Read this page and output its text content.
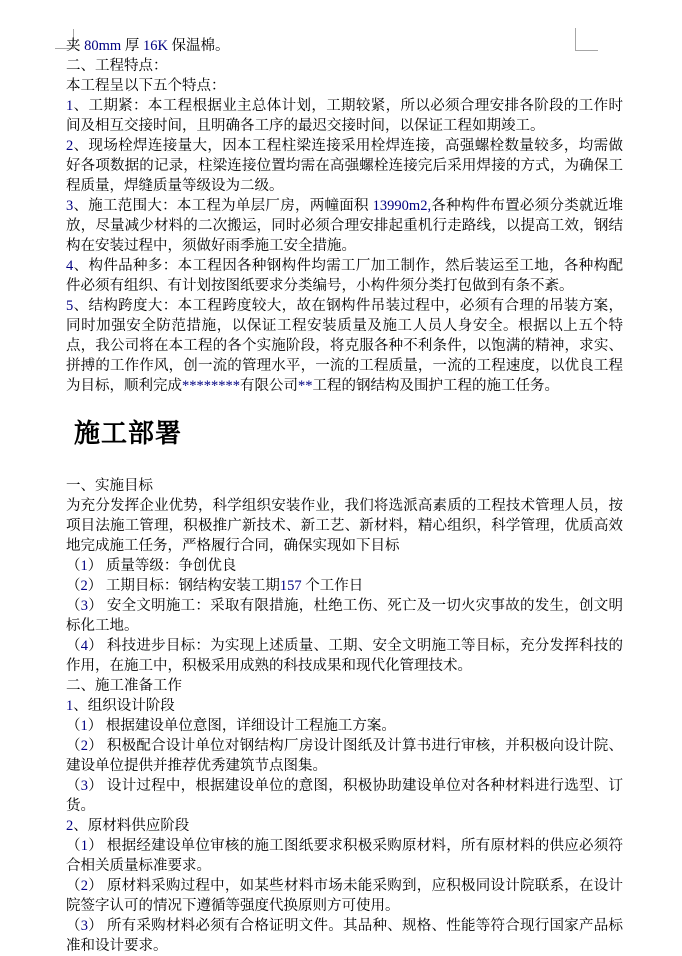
夹 80mm 厚 16K 保温棉。

二、工程特点：

本工程呈以下五个特点：

1、工期紧：本工程根据业主总体计划，工期较紧，所以必须合理安排各阶段的工作时间及相互交接时间，且明确各工序的最迟交接时间，以保证工程如期竣工。

2、现场栓焊连接量大，因本工程柱梁连接采用栓焊连接，高强螺栓数量较多，均需做好各项数据的记录，柱梁连接位置均需在高强螺栓连接完后采用焊接的方式，为确保工程质量，焊缝质量等级设为二级。

3、施工范围大：本工程为单层厂房，两幢面积 13990m2,各种构件布置必须分类就近堆放，尽量减少材料的二次搬运，同时必须合理安排起重机行走路线，以提高工效，钢结构在安装过程中，须做好雨季施工安全措施。

4、构件品种多：本工程因各种钢构件均需工厂加工制作，然后装运至工地，各种构配件必须有组织、有计划按图纸要求分类编号，小构件须分类打包做到有条不紊。

5、结构跨度大：本工程跨度较大，故在钢构件吊装过程中，必须有合理的吊装方案，同时加强安全防范措施，以保证工程安装质量及施工人员人身安全。根据以上五个特点，我公司将在本工程的各个实施阶段，将克服各种不利条件，以饱满的精神，求实、拼搏的工作作风，创一流的管理水平，一流的工程质量，一流的工程速度，以优良工程为目标，顺利完成********有限公司**工程的钢结构及围护工程的施工任务。

施工部署

一、实施目标

为充分发挥企业优势，科学组织安装作业，我们将选派高素质的工程技术管理人员，按项目法施工管理，积极推广新技术、新工艺、新材料，精心组织，科学管理，优质高效地完成施工任务，严格履行合同，确保实现如下目标

（1） 质量等级：争创优良

（2） 工期目标：钢结构安装工期157 个工作日

（3） 安全文明施工：采取有限措施，杜绝工伤、死亡及一切火灾事故的发生，创文明标化工地。

（4） 科技进步目标：为实现上述质量、工期、安全文明施工等目标，充分发挥科技的作用，在施工中，积极采用成熟的科技成果和现代化管理技术。

二、施工准备工作

1、组织设计阶段

（1） 根据建设单位意图，详细设计工程施工方案。

（2） 积极配合设计单位对钢结构厂房设计图纸及计算书进行审核，并积极向设计院、建设单位提供并推荐优秀建筑节点图集。

（3） 设计过程中，根据建设单位的意图，积极协助建设单位对各种材料进行选型、订货。

2、原材料供应阶段

（1） 根据经建设单位审核的施工图纸要求积极采购原材料，所有原材料的供应必须符合相关质量标准要求。

（2） 原材料采购过程中，如某些材料市场未能采购到，应积极同设计院联系，在设计院签字认可的情况下遵循等强度代换原则方可使用。

（3） 所有采购材料必须有合格证明文件。其品种、规格、性能等符合现行国家产品标准和设计要求。
